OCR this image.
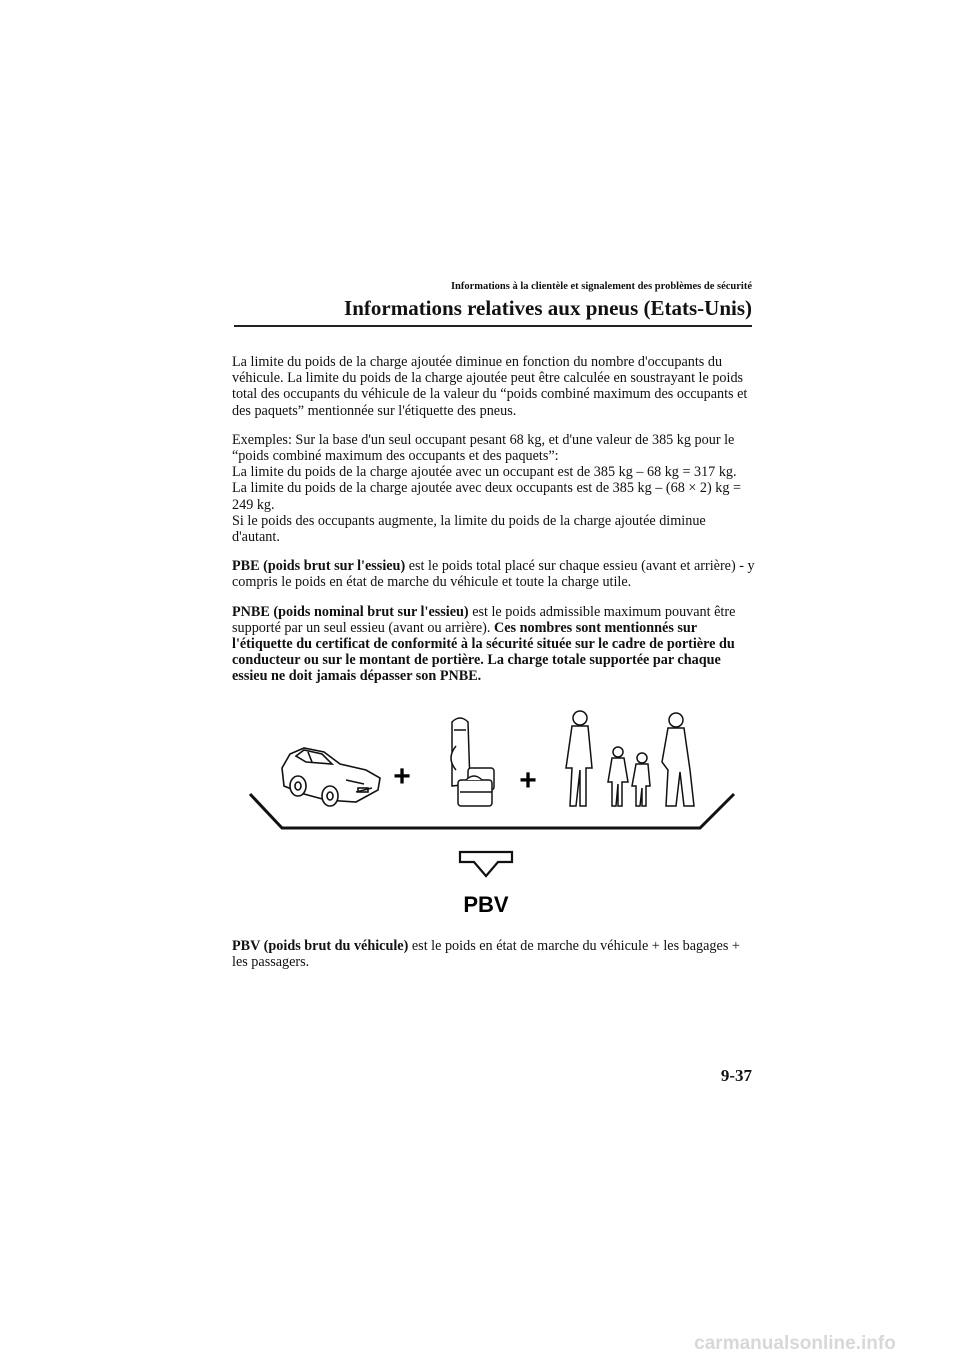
Informations à la clientèle et signalement des problèmes de sécurité
Informations relatives aux pneus (Etats-Unis)

La limite du poids de la charge ajoutée diminue en fonction du nombre d'occupants du véhicule. La limite du poids de la charge ajoutée peut être calculée en soustrayant le poids total des occupants du véhicule de la valeur du “poids combiné maximum des occupants et des paquets” mentionnée sur l'étiquette des pneus.

Exemples: Sur la base d'un seul occupant pesant 68 kg, et d'une valeur de 385 kg pour le “poids combiné maximum des occupants et des paquets”:
La limite du poids de la charge ajoutée avec un occupant est de 385 kg – 68 kg = 317 kg.
La limite du poids de la charge ajoutée avec deux occupants est de 385 kg – (68 × 2) kg = 249 kg.
Si le poids des occupants augmente, la limite du poids de la charge ajoutée diminue d'autant.

PBE (poids brut sur l'essieu) est le poids total placé sur chaque essieu (avant et arrière) - y compris le poids en état de marche du véhicule et toute la charge utile.

PNBE (poids nominal brut sur l'essieu) est le poids admissible maximum pouvant être supporté par un seul essieu (avant ou arrière). Ces nombres sont mentionnés sur l'étiquette du certificat de conformité à la sécurité située sur le cadre de portière du conducteur ou sur le montant de portière. La charge totale supportée par chaque essieu ne doit jamais dépasser son PNBE.

+	+
PBV

PBV (poids brut du véhicule) est le poids en état de marche du véhicule + les bagages + les passagers.

9-37
carmanualsonline.info
